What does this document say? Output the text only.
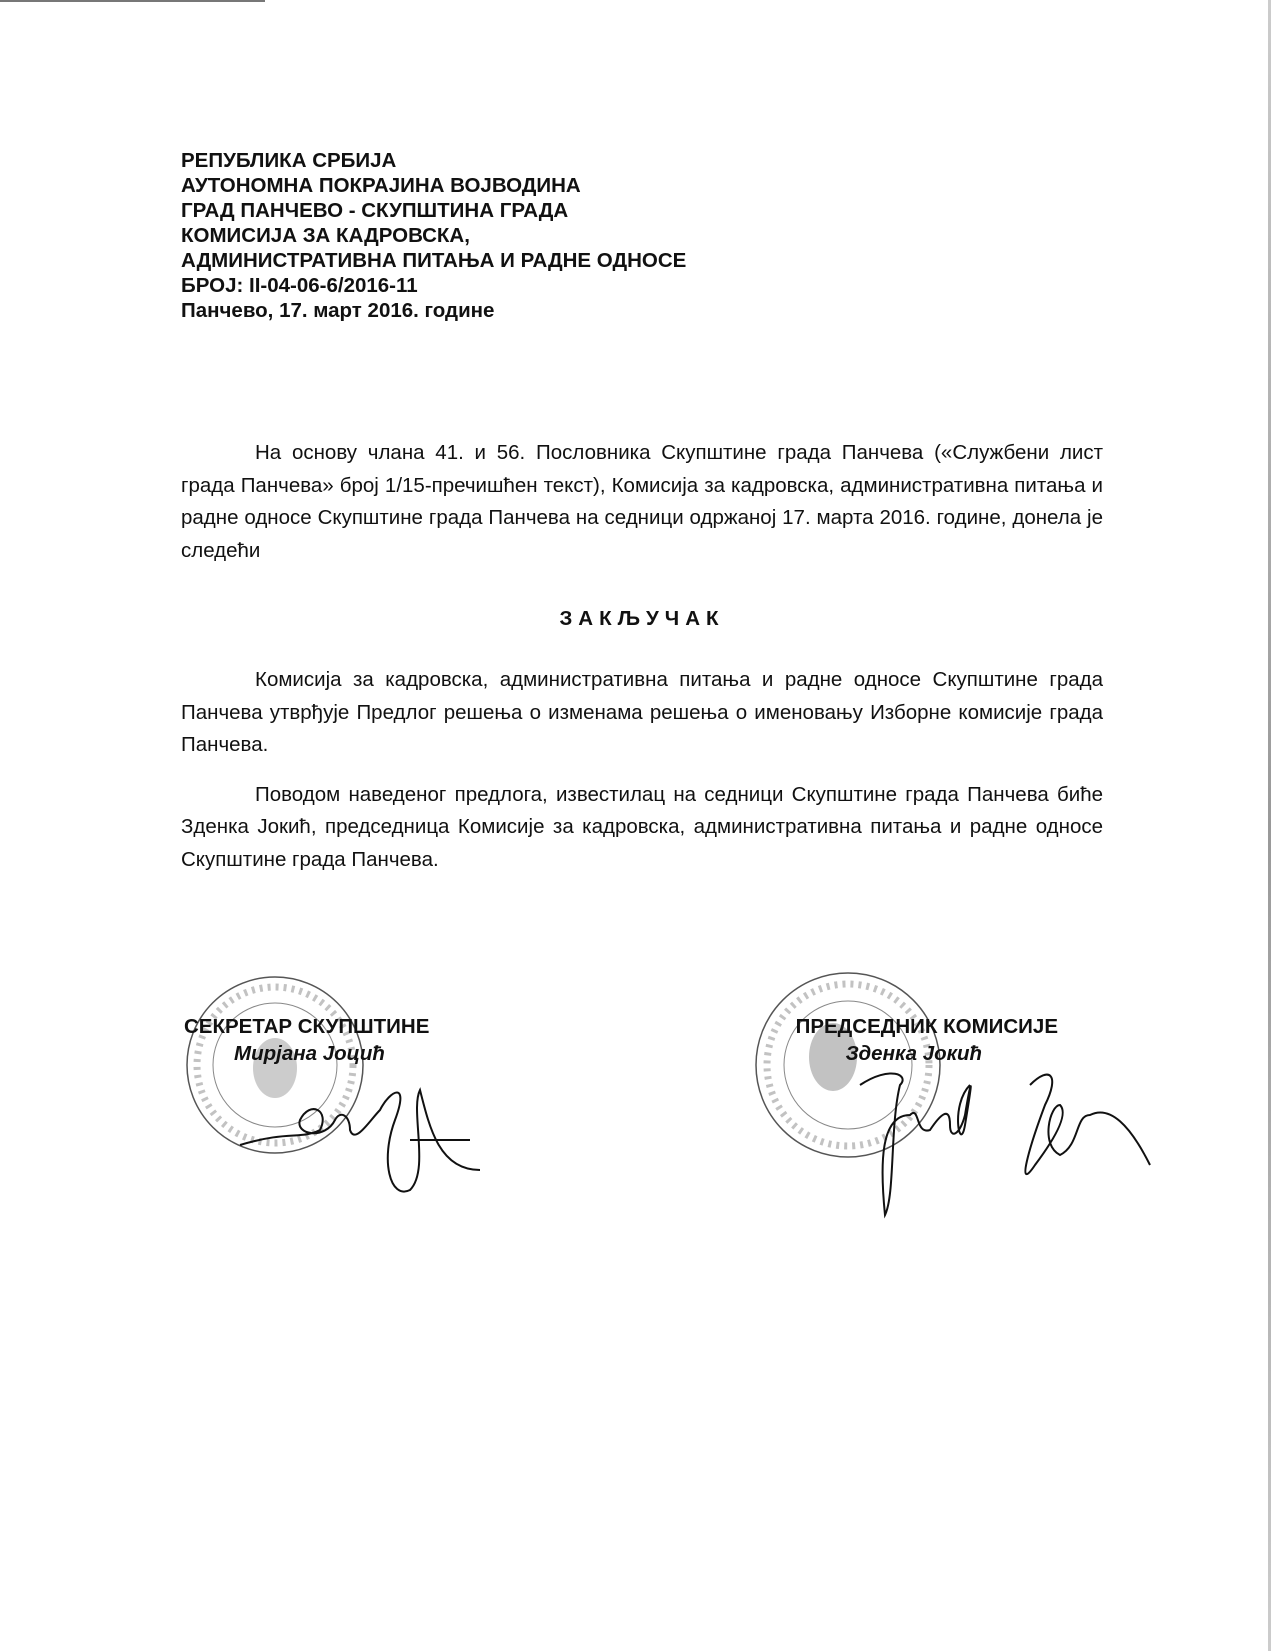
РЕПУБЛИКА СРБИЈА
АУТОНОМНА ПОКРАЈИНА ВОЈВОДИНА
ГРАД ПАНЧЕВО - СКУПШТИНА ГРАДА
КОМИСИЈА ЗА КАДРОВСКА,
АДМИНИСТРАТИВНА ПИТАЊА И РАДНЕ ОДНОСЕ
БРОЈ: II-04-06-6/2016-11
Панчево, 17. март 2016. године

На основу члана 41. и 56. Пословника Скупштине града Панчева («Службени лист града Панчева» број 1/15-пречишћен текст), Комисија за кадровска, административна питања и радне односе Скупштине града Панчева на седници одржаној 17. марта 2016. године, донела је следећи

ЗАКЉУЧАК

Комисија за кадровска, административна питања и радне односе Скупштине града Панчева утврђује Предлог решења о изменама решења о именовању Изборне комисије града Панчева.

Поводом наведеног предлога, известилац на седници Скупштине града Панчева биће Зденка Јокић, председница Комисије за кадровска, административна питања и радне односе Скупштине града Панчева.

СЕКРЕТАР СКУПШТИНЕ
Мирјана Јоцић
ПРЕДСЕДНИК КОМИСИЈЕ
Зденка Јокић
